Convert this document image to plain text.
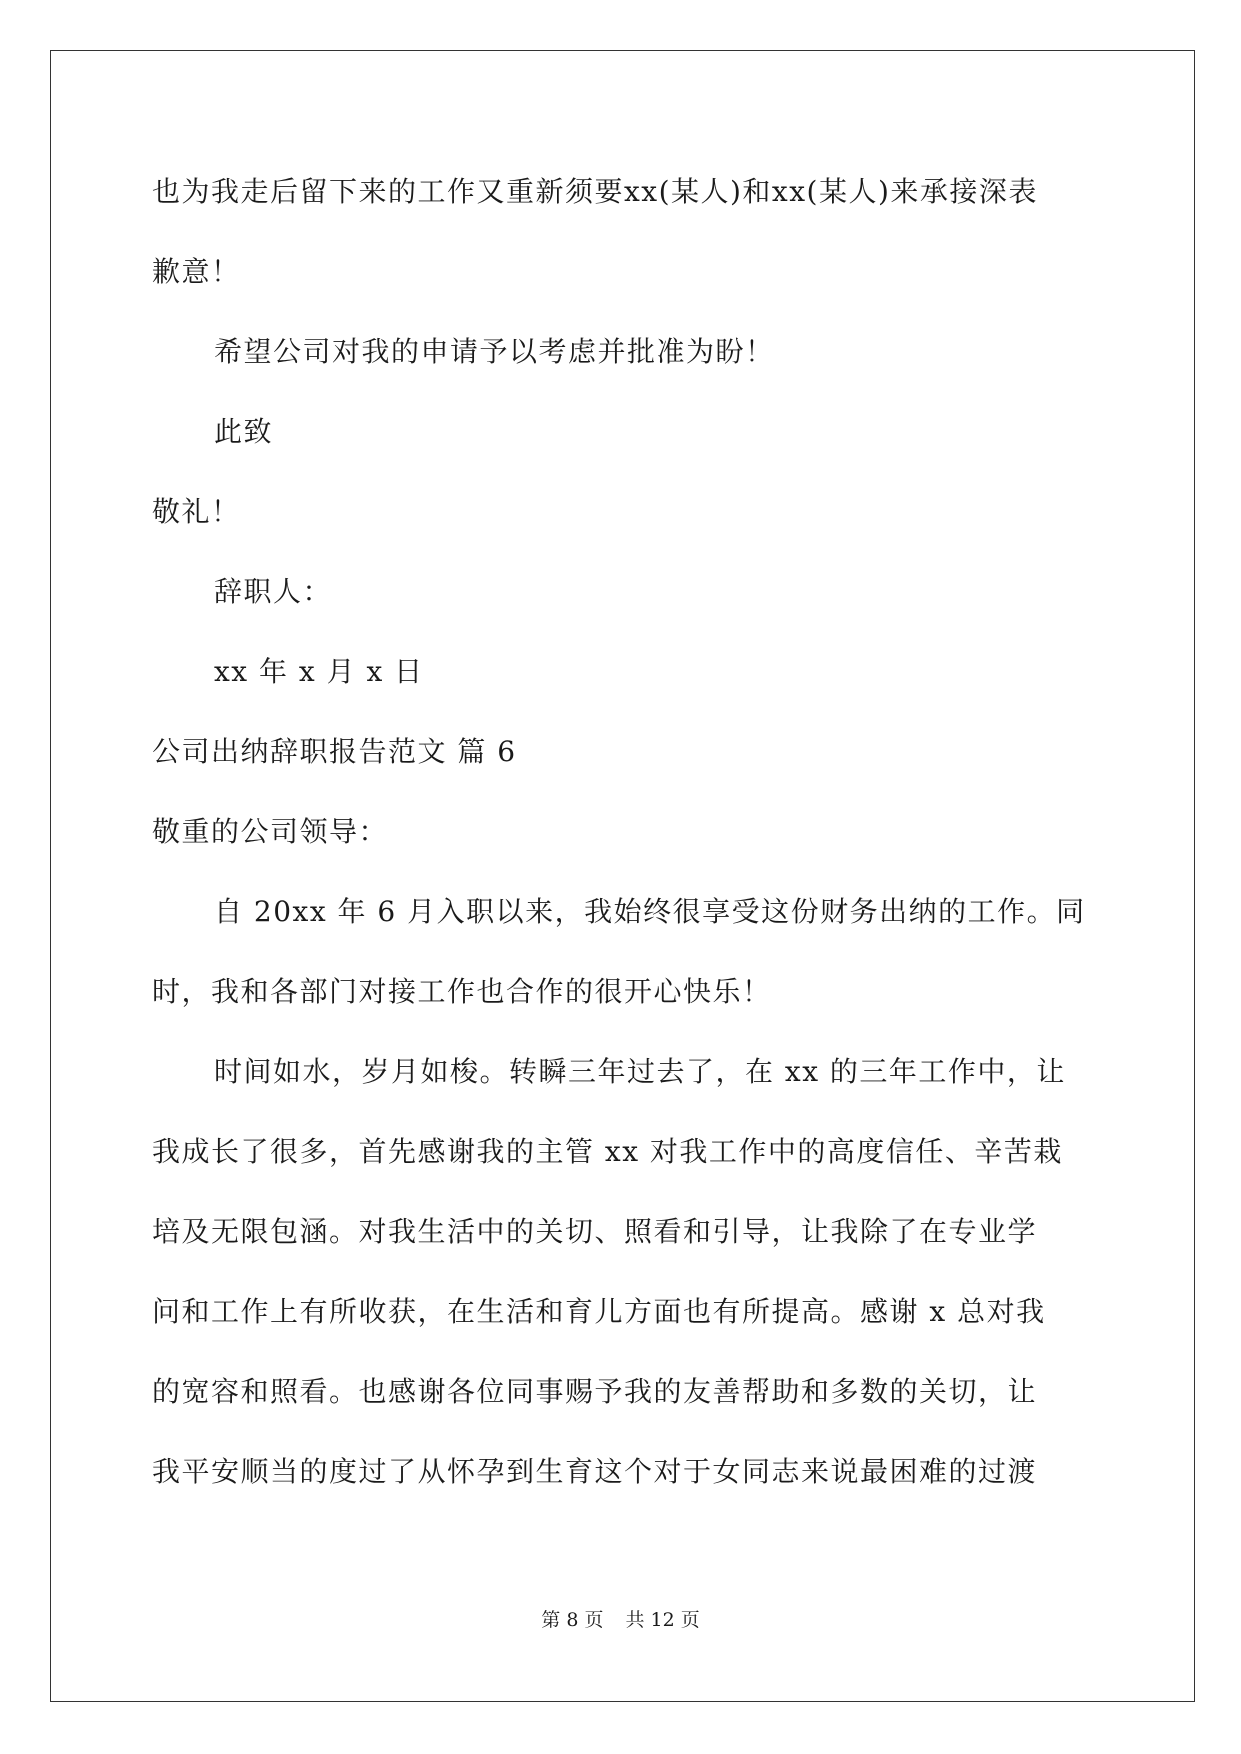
也为我走后留下来的工作又重新须要xx(某人)和xx(某人)来承接深表
歉意！
希望公司对我的申请予以考虑并批准为盼！
此致
敬礼！
辞职人：
xx 年 x 月 x 日
公司出纳辞职报告范文 篇 6
敬重的公司领导：
自 20xx 年 6 月入职以来，我始终很享受这份财务出纳的工作。同
时，我和各部门对接工作也合作的很开心快乐！
时间如水，岁月如梭。转瞬三年过去了，在 xx 的三年工作中，让
我成长了很多，首先感谢我的主管 xx 对我工作中的高度信任、辛苦栽
培及无限包涵。对我生活中的关切、照看和引导，让我除了在专业学
问和工作上有所收获，在生活和育儿方面也有所提高。感谢 x 总对我
的宽容和照看。也感谢各位同事赐予我的友善帮助和多数的关切，让
我平安顺当的度过了从怀孕到生育这个对于女同志来说最困难的过渡
第 8 页 共 12 页
